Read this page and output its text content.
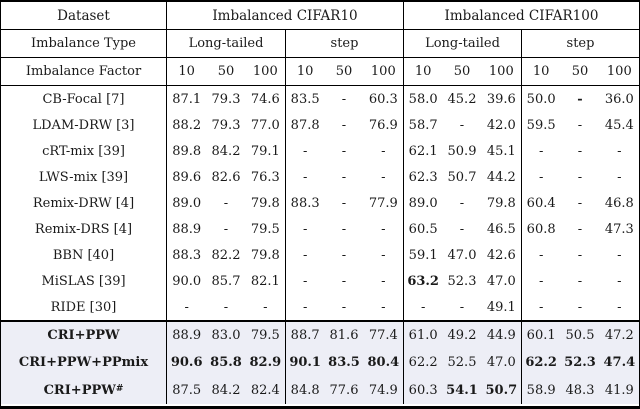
Dataset	Imbalanced CIFAR10	Imbalanced CIFAR100
Imbalance Type	Long-tailed	step	Long-tailed	step
Imbalance Factor	10	50	100	10	50	100	10	50	100	10	50	100
CB-Focal [7]	87.1 79.3 74.6 83.5	-	60.3 58.0 45.2 39.6 50.0	-	36.0
LDAM-DRW [3]	88.2 79.3 77.0 87.8	-	76.9 58.7	-	42.0 59.5	-	45.4
cRT-mix [39]	89.8 84.2 79.1	-	-	-	62.1 50.9 45.1	-	-	-
LWS-mix [39]	89.6 82.6 76.3	-	-	-	62.3 50.7 44.2	-	-	-
Remix-DRW [4]	89.0	-	79.8 88.3	-	77.9 89.0	-	79.8 60.4	-	46.8
Remix-DRS [4]	88.9	-	79.5	-	-	-	60.5	-	46.5 60.8	-	47.3
BBN [40]	88.3 82.2 79.8	-	-	-	59.1 47.0 42.6	-	-	-
MiSLAS [39]	90.0 85.7 82.1	-	-	-	63.2 52.3 47.0	-	-	-
RIDE [30]	-	-	-	-	-	-	-	-	49.1	-	-	-
CRI+PPW	88.9 83.0 79.5 88.7 81.6 77.4 61.0 49.2 44.9 60.1 50.5 47.2
CRI+PPW+PPmix	90.6 85.8 82.9 90.1 83.5 80.4 62.2 52.5 47.0 62.2 52.3 47.4
CRI+PPW#	87.5 84.2 82.4 84.8 77.6 74.9 60.3 54.1 50.7 58.9 48.3 41.9
